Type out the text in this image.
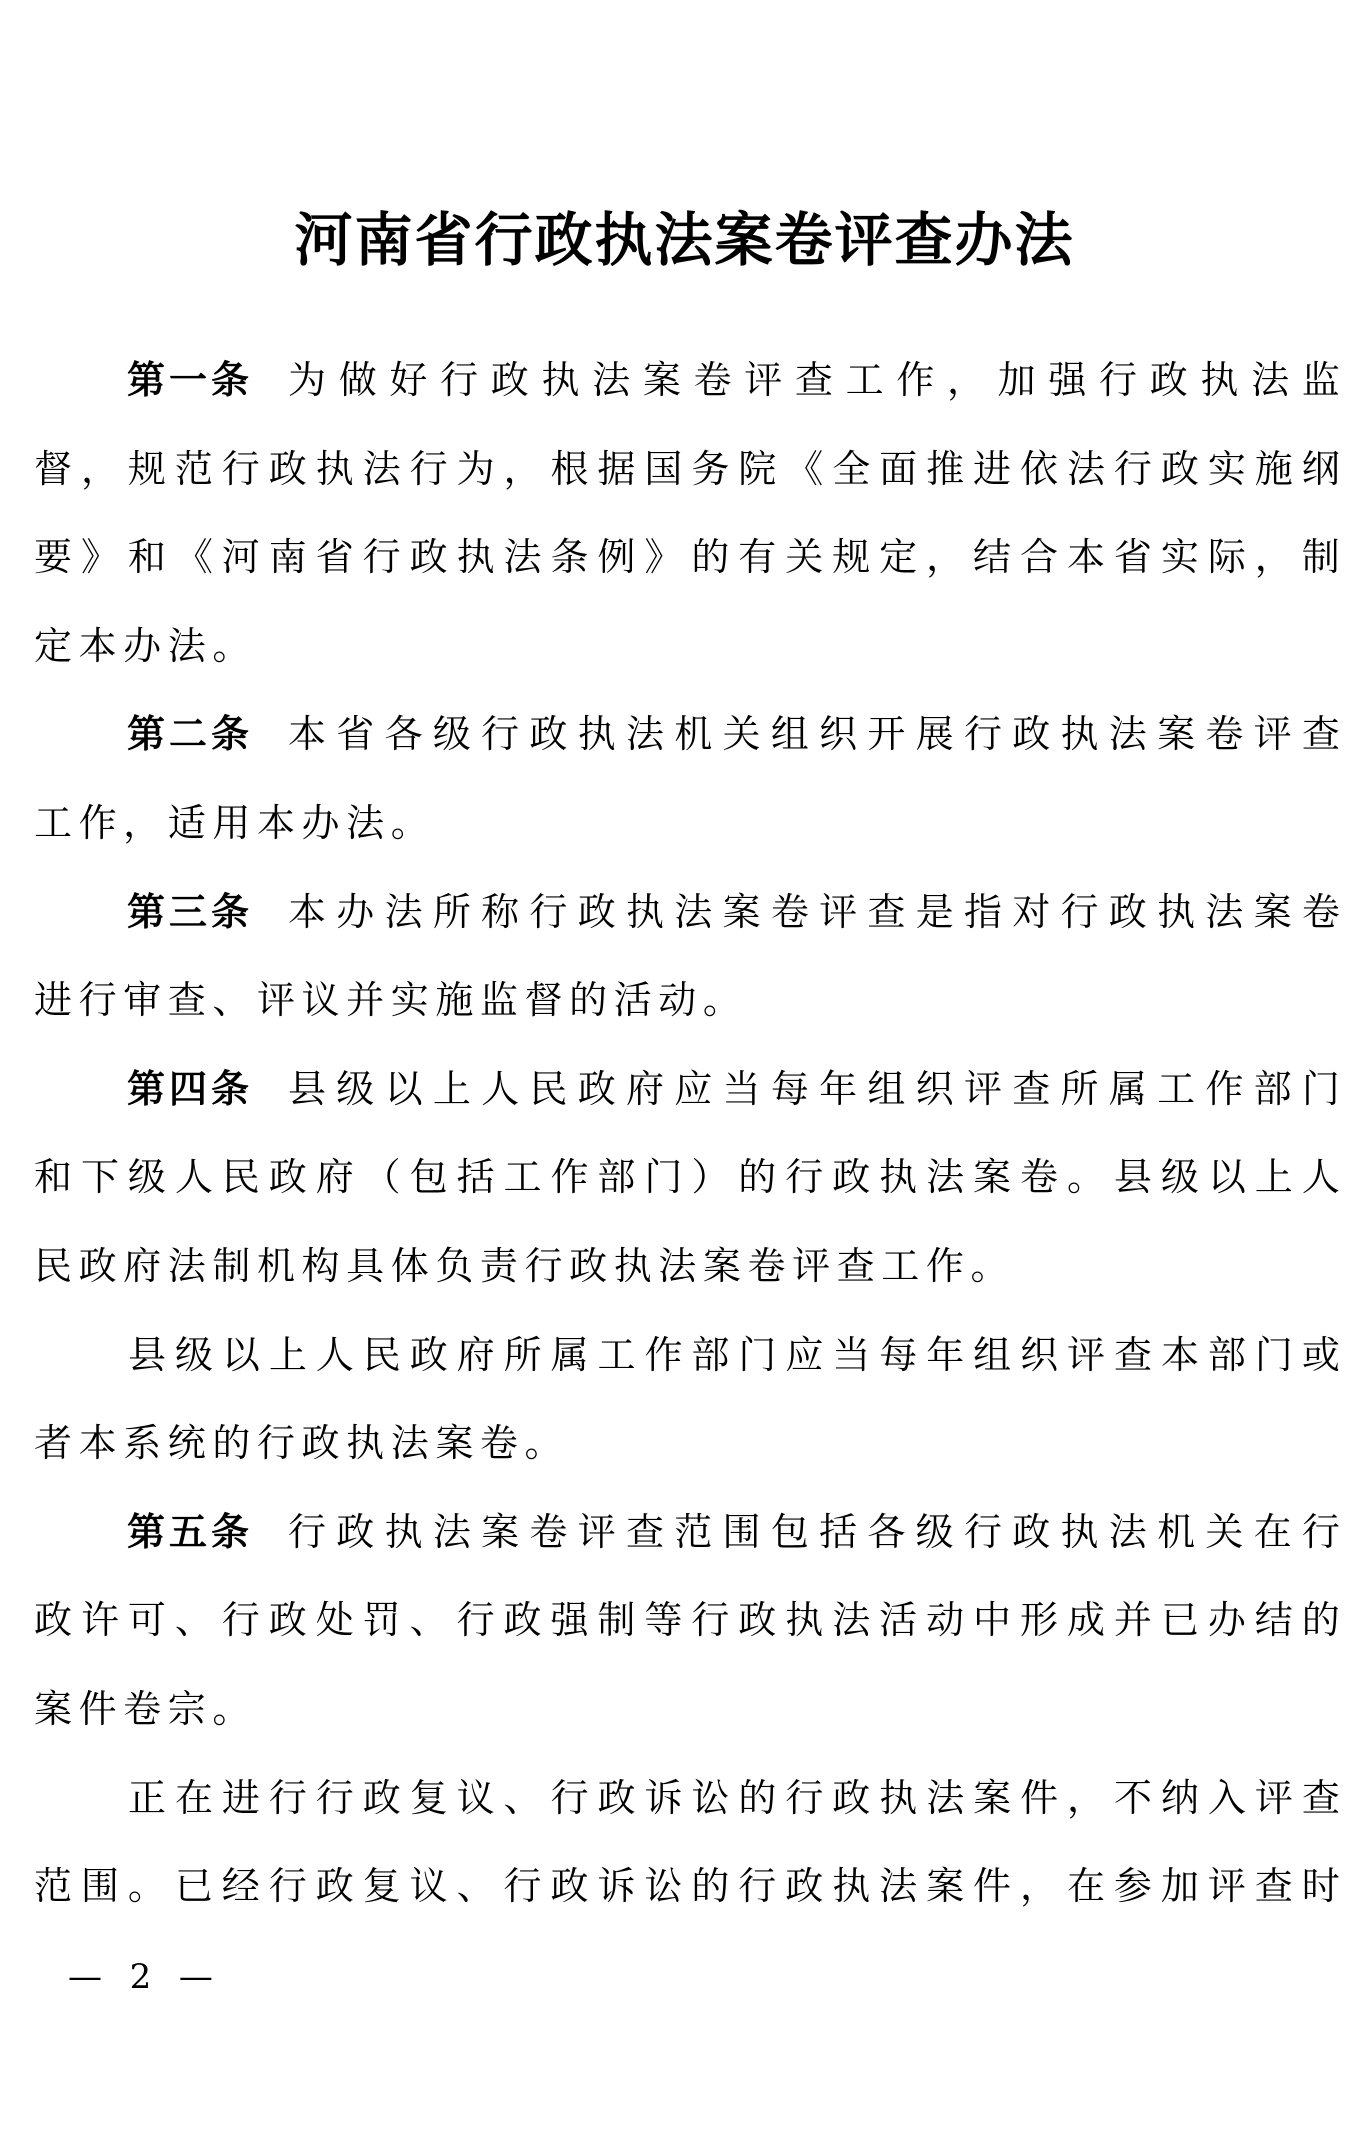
河南省行政执法案卷评查办法
第一条 为 做 好 行 政 执 法 案 卷 评 查 工 作 ， 加 强 行 政 执 法 监
督 ， 规 范 行 政 执 法 行 为 ， 根 据 国 务 院 《 全 面 推 进 依 法 行 政 实 施 纲
要 》 和 《 河 南 省 行 政 执 法 条 例 》 的 有 关 规 定 ， 结 合 本 省 实 际 ， 制
定 本 办 法 。
第二条 本 省 各 级 行 政 执 法 机 关 组 织 开 展 行 政 执 法 案 卷 评 查
工 作 ， 适 用 本 办 法 。
第三条 本 办 法 所 称 行 政 执 法 案 卷 评 查 是 指 对 行 政 执 法 案 卷
进 行 审 查 、 评 议 并 实 施 监 督 的 活 动 。
第四条 县 级 以 上 人 民 政 府 应 当 每 年 组 织 评 查 所 属 工 作 部 门
和 下 级 人 民 政 府 （ 包 括 工 作 部 门 ） 的 行 政 执 法 案 卷 。 县 级 以 上 人
民 政 府 法 制 机 构 具 体 负 责 行 政 执 法 案 卷 评 查 工 作 。
县 级 以 上 人 民 政 府 所 属 工 作 部 门 应 当 每 年 组 织 评 查 本 部 门 或
者 本 系 统 的 行 政 执 法 案 卷 。
第五条 行 政 执 法 案 卷 评 查 范 围 包 括 各 级 行 政 执 法 机 关 在 行
政 许 可 、 行 政 处 罚 、 行 政 强 制 等 行 政 执 法 活 动 中 形 成 并 已 办 结 的
案 件 卷 宗 。
正 在 进 行 行 政 复 议 、 行 政 诉 讼 的 行 政 执 法 案 件 ， 不 纳 入 评 查
范 围 。 已 经 行 政 复 议 、 行 政 诉 讼 的 行 政 执 法 案 件 ， 在 参 加 评 查 时
—  2  —
